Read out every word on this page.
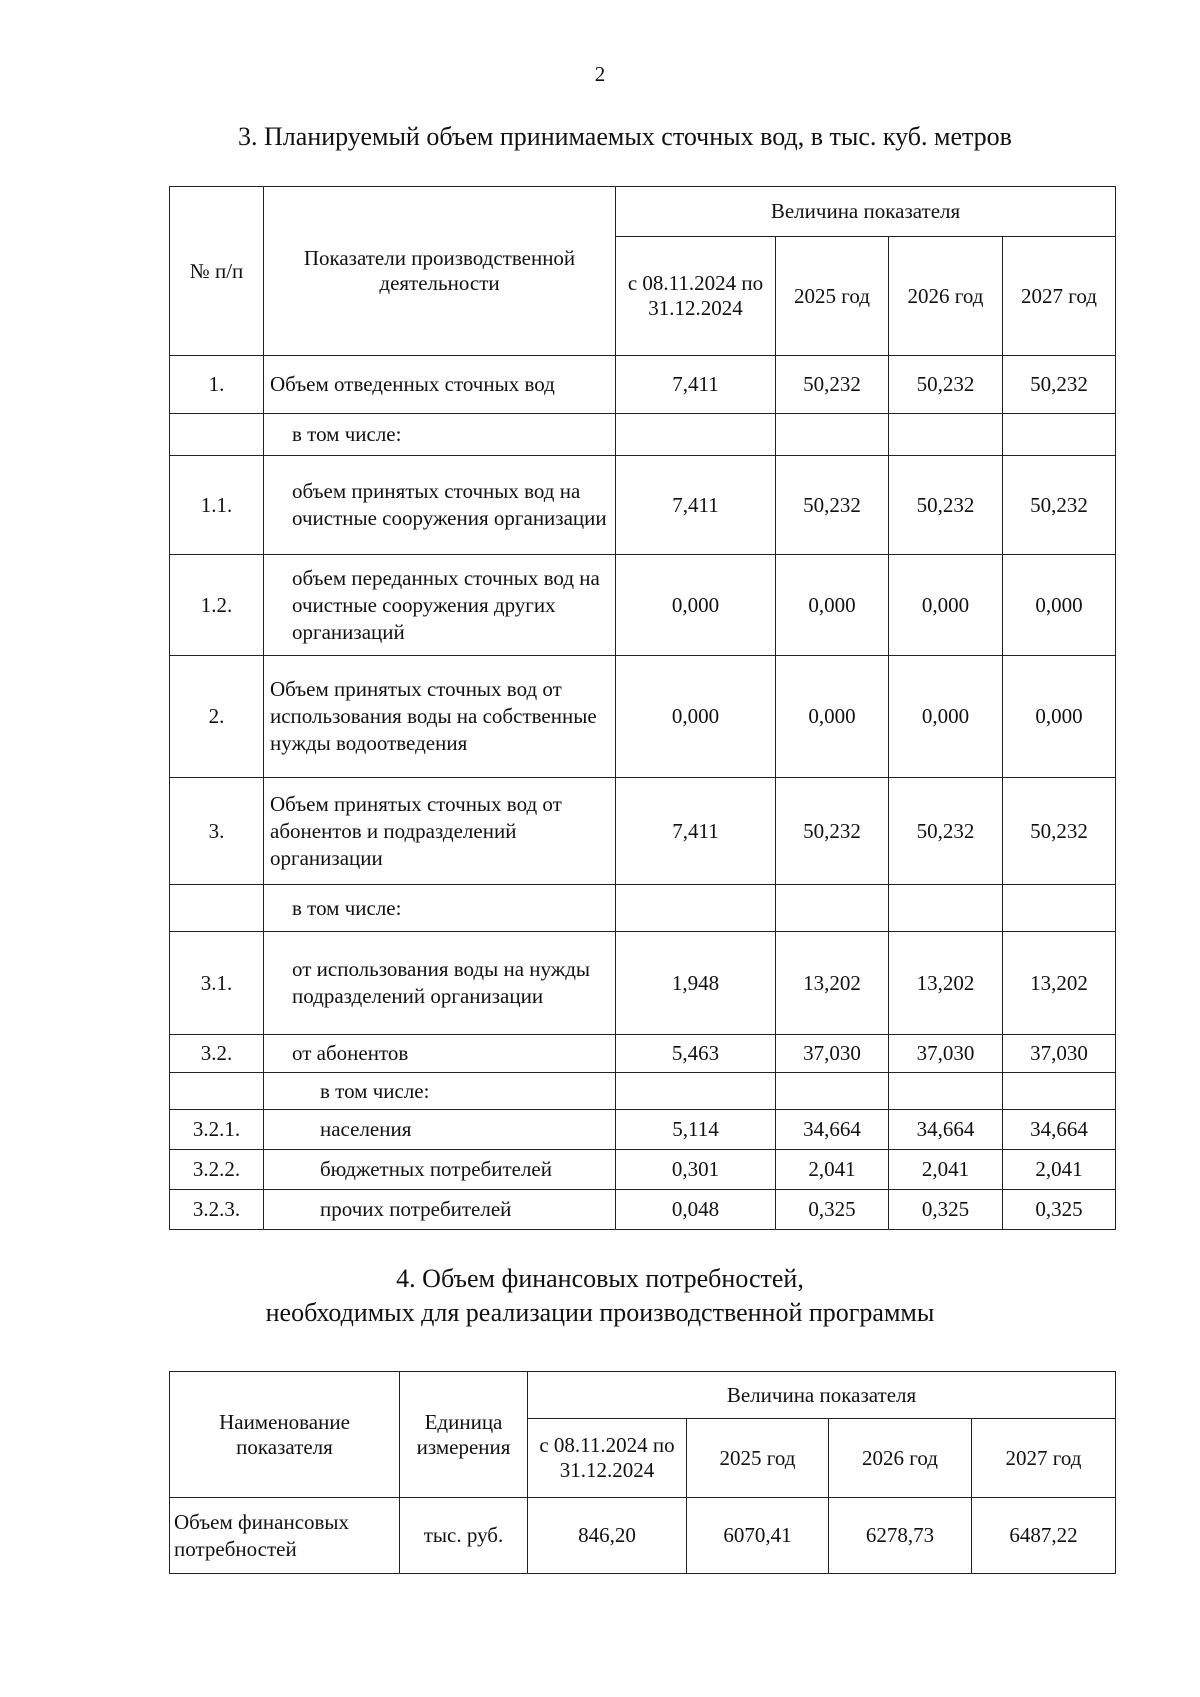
2
3. Планируемый объем принимаемых сточных вод, в тыс. куб. метров
№ п/п	Показатели производственной деятельности	Величина показателя			
		с 08.11.2024 по 31.12.2024	2025 год	2026 год	2027 год
1.	Объем отведенных сточных вод	7,411	50,232	50,232	50,232
	в том числе:				
1.1.	объем принятых сточных вод на очистные сооружения организации	7,411	50,232	50,232	50,232
1.2.	объем переданных сточных вод на очистные сооружения других организаций	0,000	0,000	0,000	0,000
2.	Объем принятых сточных вод от использования воды на собственные нужды водоотведения	0,000	0,000	0,000	0,000
3.	Объем принятых сточных вод от абонентов и подразделений организации	7,411	50,232	50,232	50,232
	в том числе:				
3.1.	от использования воды на нужды подразделений организации	1,948	13,202	13,202	13,202
3.2.	от абонентов	5,463	37,030	37,030	37,030
	в том числе:				
3.2.1.	населения	5,114	34,664	34,664	34,664
3.2.2.	бюджетных потребителей	0,301	2,041	2,041	2,041
3.2.3.	прочих потребителей	0,048	0,325	0,325	0,325
4. Объем финансовых потребностей,
необходимых для реализации производственной программы
Наименование показателя	Единица измерения	Величина показателя			
		с 08.11.2024 по 31.12.2024	2025 год	2026 год	2027 год
Объем финансовых потребностей	тыс. руб.	846,20	6070,41	6278,73	6487,22
